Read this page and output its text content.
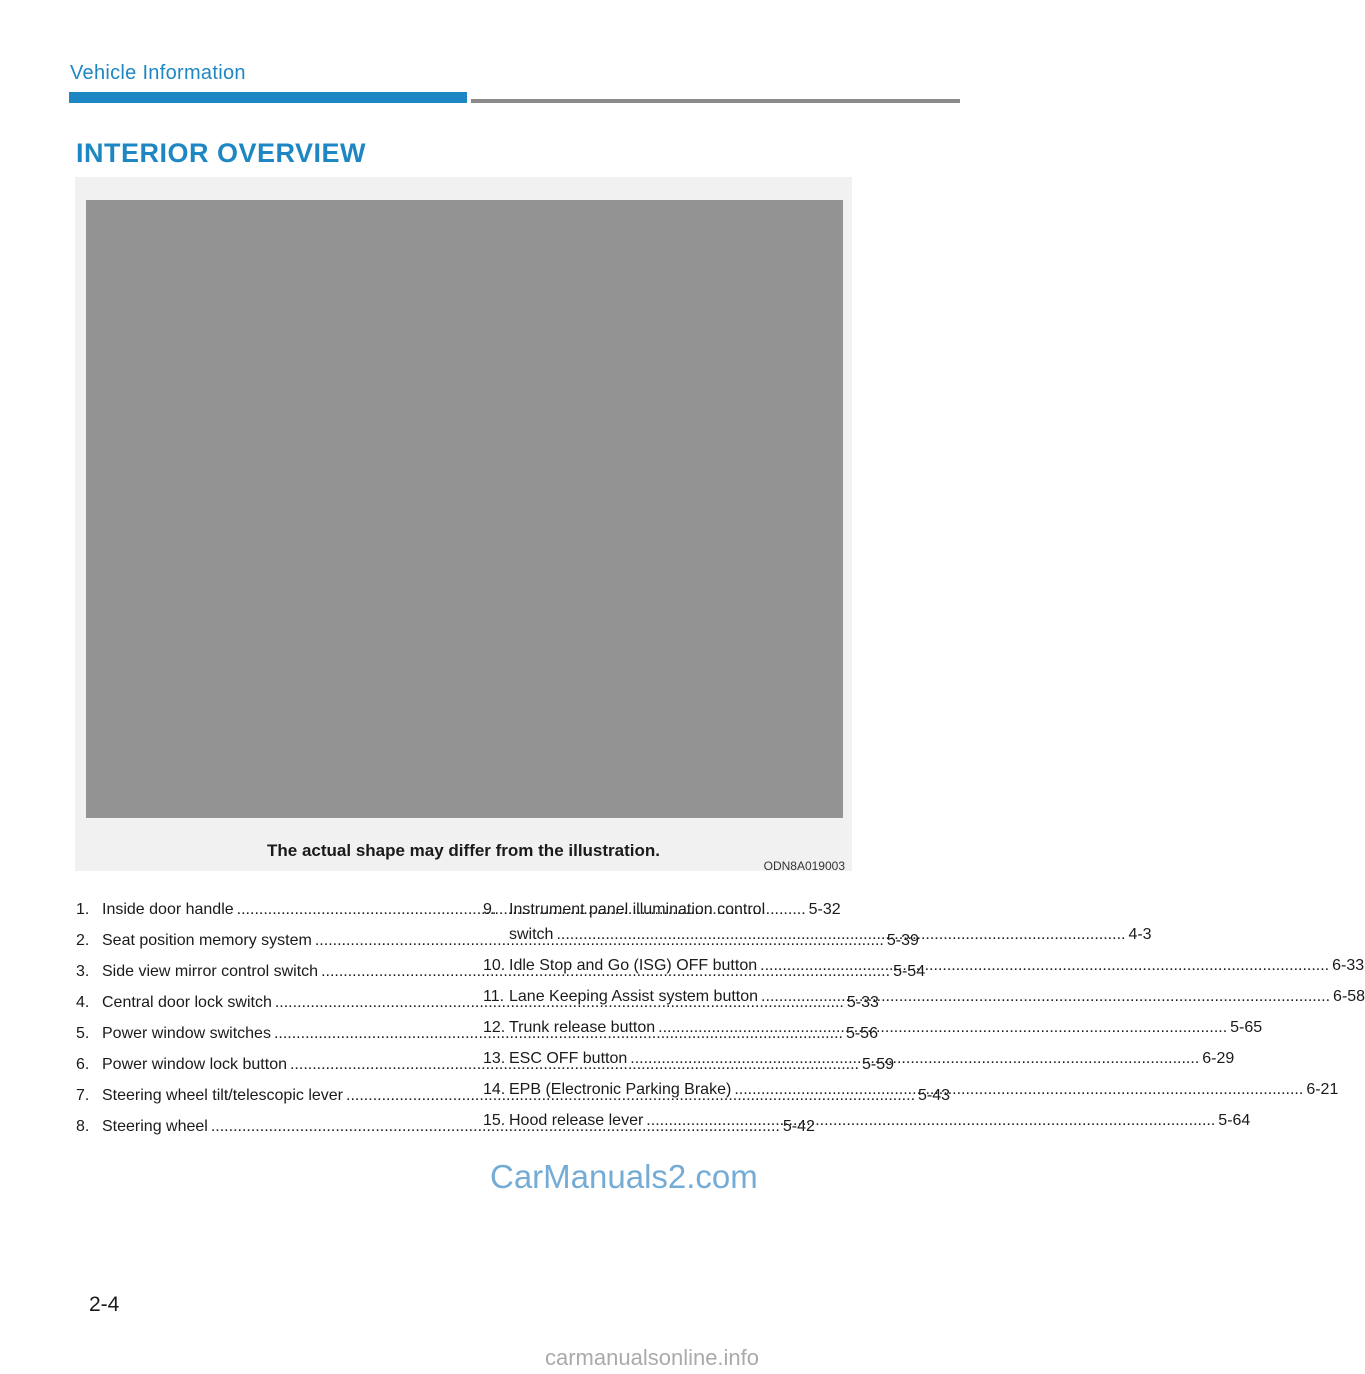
Vehicle Information
INTERIOR OVERVIEW
The actual shape may differ from the illustration.
ODN8A019003
1. Inside door handle .....	5-32
2. Seat position memory system .....	5-39
3. Side view mirror control switch .....	5-54
4. Central door lock switch .....	5-33
5. Power window switches .....	5-56
6. Power window lock button .....	5-59
7. Steering wheel tilt/telescopic lever .....	5-43
8. Steering wheel .....	5-42
9. Instrument panel illumination control
switch .....	4-3
10. Idle Stop and Go (ISG) OFF button .....	6-33
11. Lane Keeping Assist system button .....	6-58
12. Trunk release button .....	5-65
13. ESC OFF button .....	6-29
14. EPB (Electronic Parking Brake) .....	6-21
15. Hood release lever .....	5-64
CarManuals2.com
2-4
carmanualsonline.info
